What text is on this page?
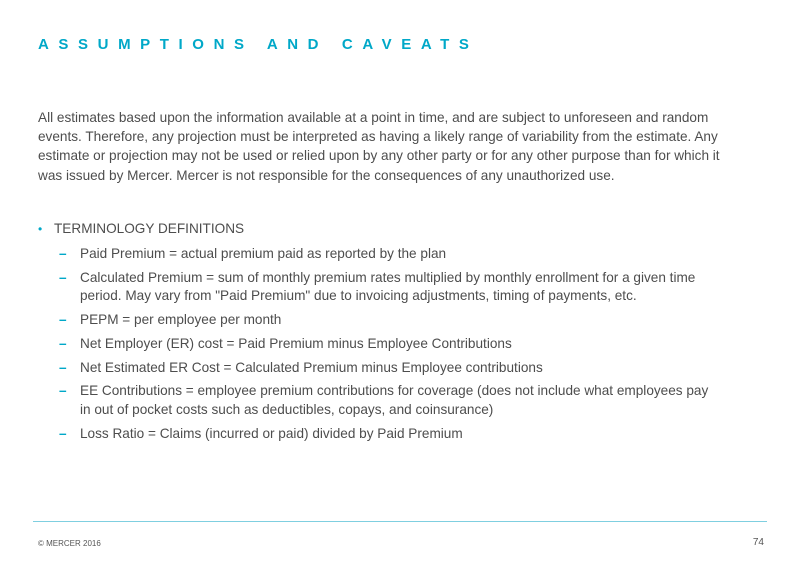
ASSUMPTIONS AND CAVEATS

All estimates based upon the information available at a point in time, and are subject to unforeseen and random events. Therefore, any projection must be interpreted as having a likely range of variability from the estimate. Any estimate or projection may not be used or relied upon by any other party or for any other purpose than for which it was issued by Mercer. Mercer is not responsible for the consequences of any unauthorized use.

• TERMINOLOGY DEFINITIONS
– Paid Premium = actual premium paid as reported by the plan
– Calculated Premium = sum of monthly premium rates multiplied by monthly enrollment for a given time period. May vary from "Paid Premium" due to invoicing adjustments, timing of payments, etc.
– PEPM = per employee per month
– Net Employer (ER) cost = Paid Premium minus Employee Contributions
– Net Estimated ER Cost = Calculated Premium minus Employee contributions
– EE Contributions = employee premium contributions for coverage (does not include what employees pay in out of pocket costs such as deductibles, copays, and coinsurance)
– Loss Ratio = Claims (incurred or paid) divided by Paid Premium
© MERCER 2016	74
